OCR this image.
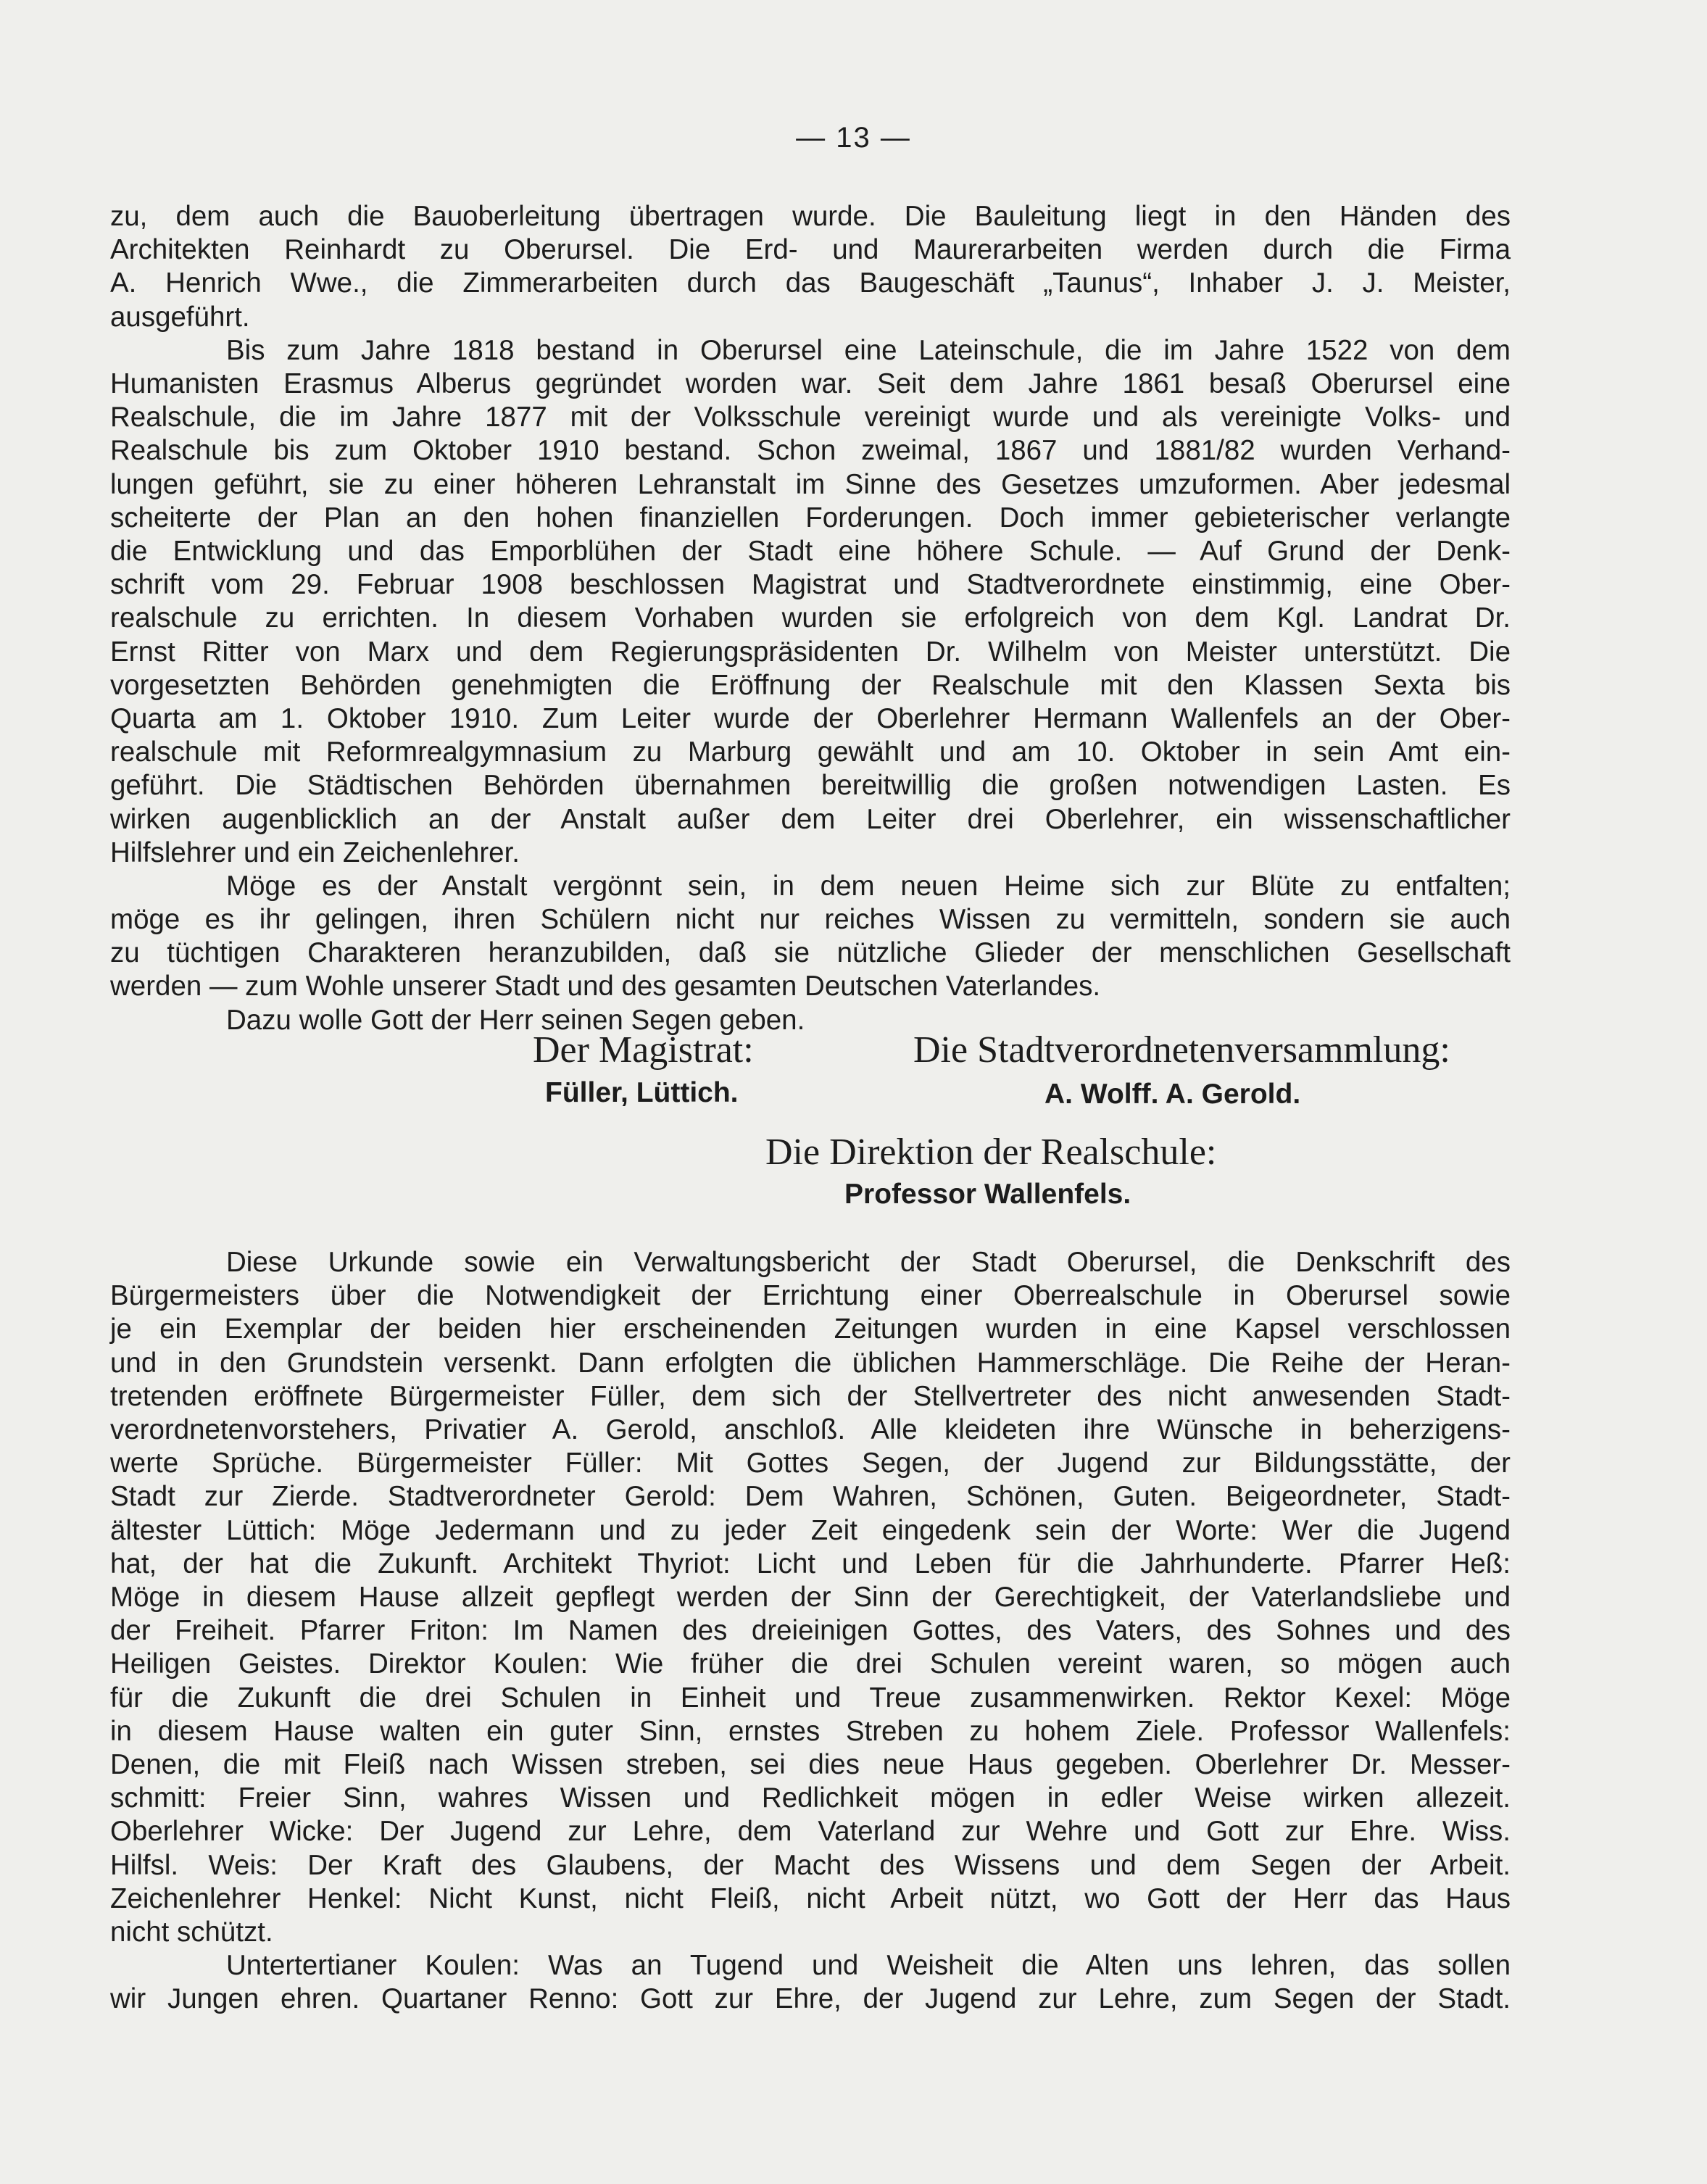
— 13 —
zu, dem auch die Bauoberleitung übertragen wurde. Die Bauleitung liegt in den Händen des
Architekten Reinhardt zu Oberursel. Die Erd- und Maurerarbeiten werden durch die Firma
A. Henrich Wwe., die Zimmerarbeiten durch das Baugeschäft „Taunus“, Inhaber J. J. Meister,
ausgeführt.
Bis zum Jahre 1818 bestand in Oberursel eine Lateinschule, die im Jahre 1522 von dem
Humanisten Erasmus Alberus gegründet worden war. Seit dem Jahre 1861 besaß Oberursel eine
Realschule, die im Jahre 1877 mit der Volksschule vereinigt wurde und als vereinigte Volks- und
Realschule bis zum Oktober 1910 bestand. Schon zweimal, 1867 und 1881/82 wurden Verhand-
lungen geführt, sie zu einer höheren Lehranstalt im Sinne des Gesetzes umzuformen. Aber jedesmal
scheiterte der Plan an den hohen finanziellen Forderungen. Doch immer gebieterischer verlangte
die Entwicklung und das Emporblühen der Stadt eine höhere Schule. — Auf Grund der Denk-
schrift vom 29. Februar 1908 beschlossen Magistrat und Stadtverordnete einstimmig, eine Ober-
realschule zu errichten. In diesem Vorhaben wurden sie erfolgreich von dem Kgl. Landrat Dr.
Ernst Ritter von Marx und dem Regierungspräsidenten Dr. Wilhelm von Meister unterstützt. Die
vorgesetzten Behörden genehmigten die Eröffnung der Realschule mit den Klassen Sexta bis
Quarta am 1. Oktober 1910. Zum Leiter wurde der Oberlehrer Hermann Wallenfels an der Ober-
realschule mit Reformrealgymnasium zu Marburg gewählt und am 10. Oktober in sein Amt ein-
geführt. Die Städtischen Behörden übernahmen bereitwillig die großen notwendigen Lasten. Es
wirken augenblicklich an der Anstalt außer dem Leiter drei Oberlehrer, ein wissenschaftlicher
Hilfslehrer und ein Zeichenlehrer.
Möge es der Anstalt vergönnt sein, in dem neuen Heime sich zur Blüte zu entfalten;
möge es ihr gelingen, ihren Schülern nicht nur reiches Wissen zu vermitteln, sondern sie auch
zu tüchtigen Charakteren heranzubilden, daß sie nützliche Glieder der menschlichen Gesellschaft
werden — zum Wohle unserer Stadt und des gesamten Deutschen Vaterlandes.
Dazu wolle Gott der Herr seinen Segen geben.
Der Magistrat:
Füller, Lüttich.
Die Stadtverordnetenversammlung:
A. Wolff. A. Gerold.
Die Direktion der Realschule:
Professor Wallenfels.
Diese Urkunde sowie ein Verwaltungsbericht der Stadt Oberursel, die Denkschrift des
Bürgermeisters über die Notwendigkeit der Errichtung einer Oberrealschule in Oberursel sowie
je ein Exemplar der beiden hier erscheinenden Zeitungen wurden in eine Kapsel verschlossen
und in den Grundstein versenkt. Dann erfolgten die üblichen Hammerschläge. Die Reihe der Heran-
tretenden eröffnete Bürgermeister Füller, dem sich der Stellvertreter des nicht anwesenden Stadt-
verordnetenvorstehers, Privatier A. Gerold, anschloß. Alle kleideten ihre Wünsche in beherzigens-
werte Sprüche. Bürgermeister Füller: Mit Gottes Segen, der Jugend zur Bildungsstätte, der
Stadt zur Zierde. Stadtverordneter Gerold: Dem Wahren, Schönen, Guten. Beigeordneter, Stadt-
ältester Lüttich: Möge Jedermann und zu jeder Zeit eingedenk sein der Worte: Wer die Jugend
hat, der hat die Zukunft. Architekt Thyriot: Licht und Leben für die Jahrhunderte. Pfarrer Heß:
Möge in diesem Hause allzeit gepflegt werden der Sinn der Gerechtigkeit, der Vaterlandsliebe und
der Freiheit. Pfarrer Friton: Im Namen des dreieinigen Gottes, des Vaters, des Sohnes und des
Heiligen Geistes. Direktor Koulen: Wie früher die drei Schulen vereint waren, so mögen auch
für die Zukunft die drei Schulen in Einheit und Treue zusammenwirken. Rektor Kexel: Möge
in diesem Hause walten ein guter Sinn, ernstes Streben zu hohem Ziele. Professor Wallenfels:
Denen, die mit Fleiß nach Wissen streben, sei dies neue Haus gegeben. Oberlehrer Dr. Messer-
schmitt: Freier Sinn, wahres Wissen und Redlichkeit mögen in edler Weise wirken allezeit.
Oberlehrer Wicke: Der Jugend zur Lehre, dem Vaterland zur Wehre und Gott zur Ehre. Wiss.
Hilfsl. Weis: Der Kraft des Glaubens, der Macht des Wissens und dem Segen der Arbeit.
Zeichenlehrer Henkel: Nicht Kunst, nicht Fleiß, nicht Arbeit nützt, wo Gott der Herr das Haus
nicht schützt.
Untertertianer Koulen: Was an Tugend und Weisheit die Alten uns lehren, das sollen
wir Jungen ehren. Quartaner Renno: Gott zur Ehre, der Jugend zur Lehre, zum Segen der Stadt.
